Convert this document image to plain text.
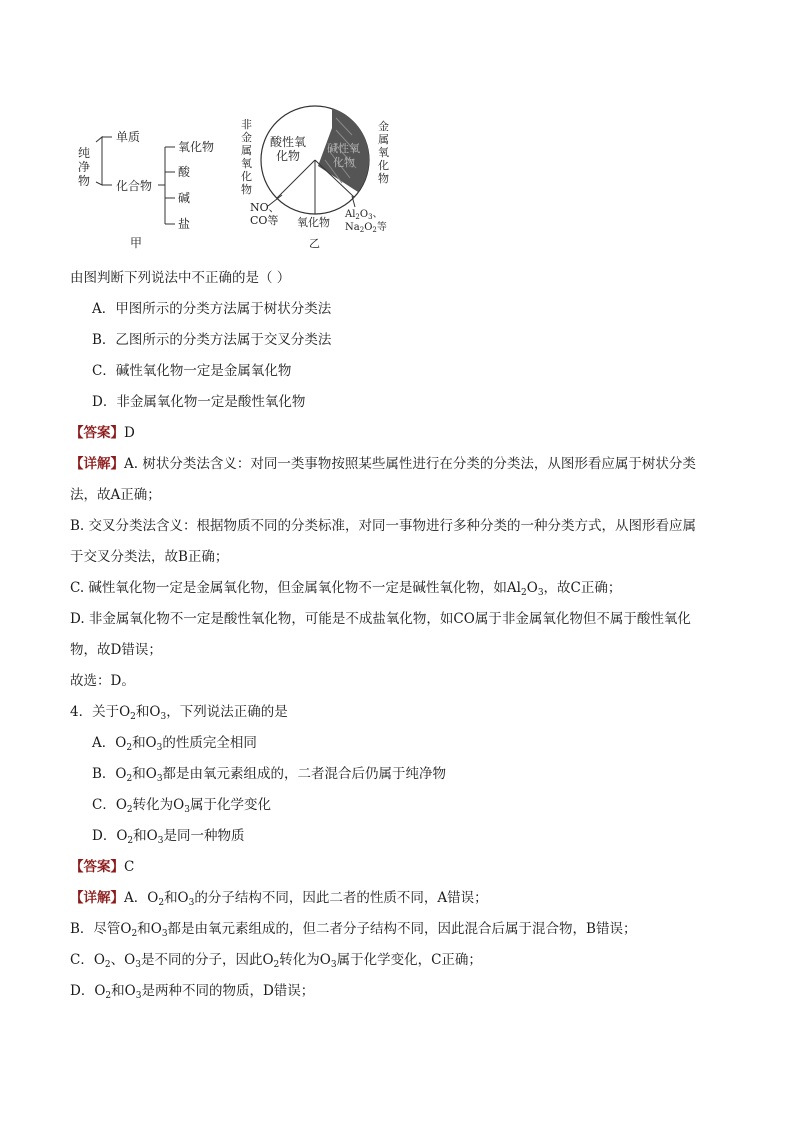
纯
净
物
单质
化合物
氧化物
酸
碱
盐
甲
非
金
属
氧
化
物
金
属
氧
化
物
酸性氧
化物
碱性氧
化物
NO、
CO等 氧化物
$Al_2O_3$、
$Na_2O_2$等
乙
由图判断下列说法中不正确的是（ ）
A．甲图所示的分类方法属于树状分类法
B．乙图所示的分类方法属于交叉分类法
C．碱性氧化物一定是金属氧化物
D．非金属氧化物一定是酸性氧化物
【答案】D
【详解】A. 树状分类法含义：对同一类事物按照某些属性进行在分类的分类法，从图形看应属于树状分类
法，故A正确；
B. 交叉分类法含义：根据物质不同的分类标准，对同一事物进行多种分类的一种分类方式，从图形看应属
于交叉分类法，故B正确；
C. 碱性氧化物一定是金属氧化物，但金属氧化物不一定是碱性氧化物，如$Al_2O_3$，故C正确；
D. 非金属氧化物不一定是酸性氧化物，可能是不成盐氧化物，如CO属于非金属氧化物但不属于酸性氧化
物，故D错误；
故选：D。
4．关于$O_2$和$O_3$，下列说法正确的是
A．$O_2$和$O_3$的性质完全相同
B．$O_2$和$O_3$都是由氧元素组成的，二者混合后仍属于纯净物
C．$O_2$转化为$O_3$属于化学变化
D．$O_2$和$O_3$是同一种物质
【答案】C
【详解】A．$O_2$和$O_3$的分子结构不同，因此二者的性质不同，A错误；
B．尽管$O_2$和$O_3$都是由氧元素组成的，但二者分子结构不同，因此混合后属于混合物，B错误；
C．$O_2$、$O_3$是不同的分子，因此$O_2$转化为$O_3$属于化学变化，C正确；
D．$O_2$和$O_3$是两种不同的物质，D错误；
